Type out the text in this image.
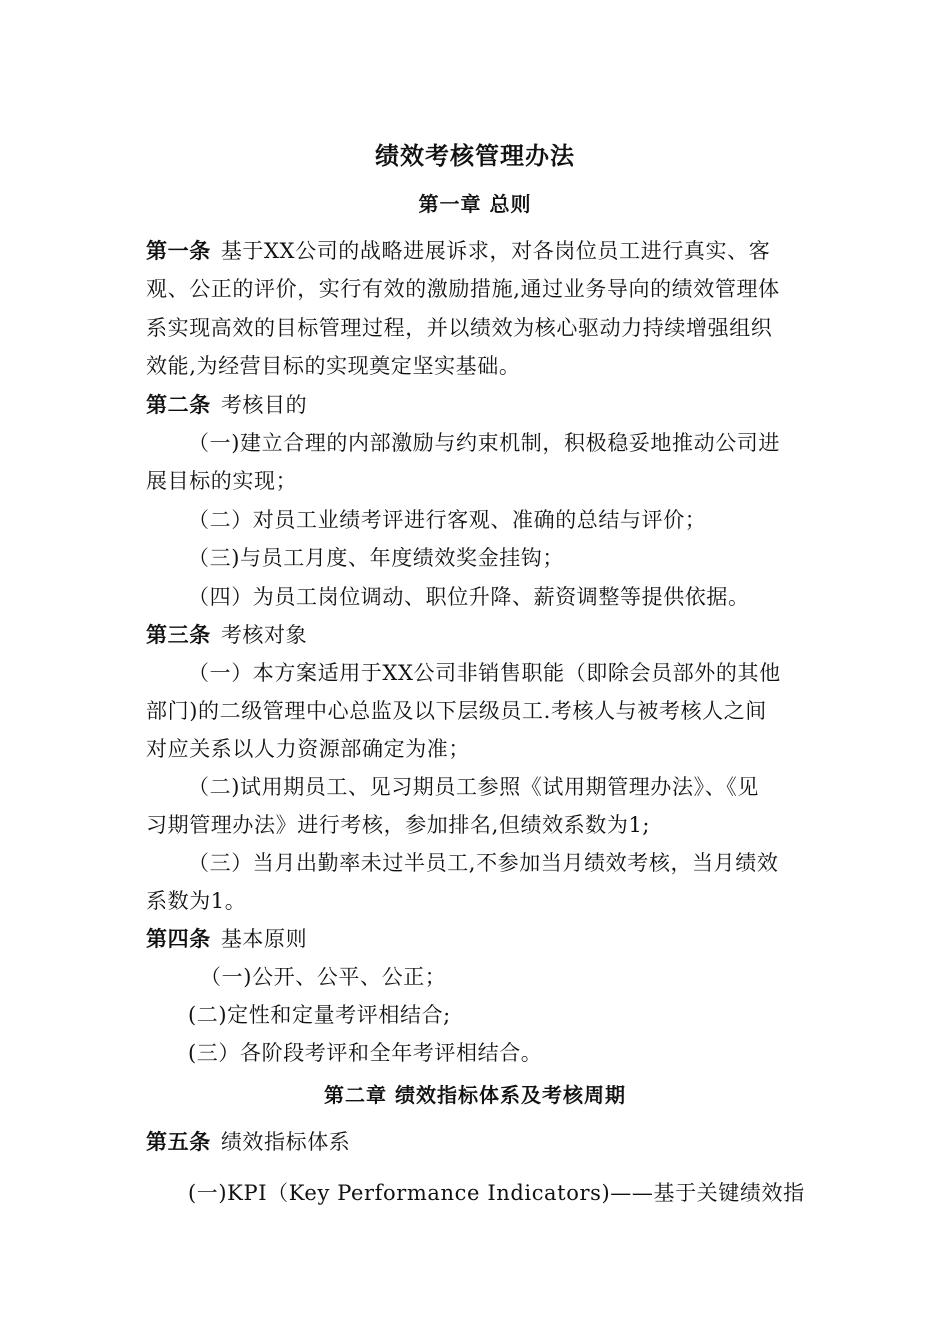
绩效考核管理办法
第一章 总则
第一条 基于XX公司的战略进展诉求，对各岗位员工进行真实、客
观、公正的评价，实行有效的激励措施,通过业务导向的绩效管理体
系实现高效的目标管理过程，并以绩效为核心驱动力持续增强组织
效能,为经营目标的实现奠定坚实基础。
第二条 考核目的
（一)建立合理的内部激励与约束机制，积极稳妥地推动公司进
展目标的实现；
（二）对员工业绩考评进行客观、准确的总结与评价；
（三)与员工月度、年度绩效奖金挂钩；
（四）为员工岗位调动、职位升降、薪资调整等提供依据。
第三条 考核对象
（一）本方案适用于XX公司非销售职能（即除会员部外的其他
部门)的二级管理中心总监及以下层级员工.考核人与被考核人之间
对应关系以人力资源部确定为准；
（二)试用期员工、见习期员工参照《试用期管理办法》、《见
习期管理办法》进行考核，参加排名,但绩效系数为1;
（三）当月出勤率未过半员工,不参加当月绩效考核，当月绩效
系数为1。
第四条 基本原则
（一)公开、公平、公正；
(二)定性和定量考评相结合;
(三）各阶段考评和全年考评相结合。
第二章 绩效指标体系及考核周期
第五条 绩效指标体系
(一)KPI（Key Performance Indicators)——基于关键绩效指
